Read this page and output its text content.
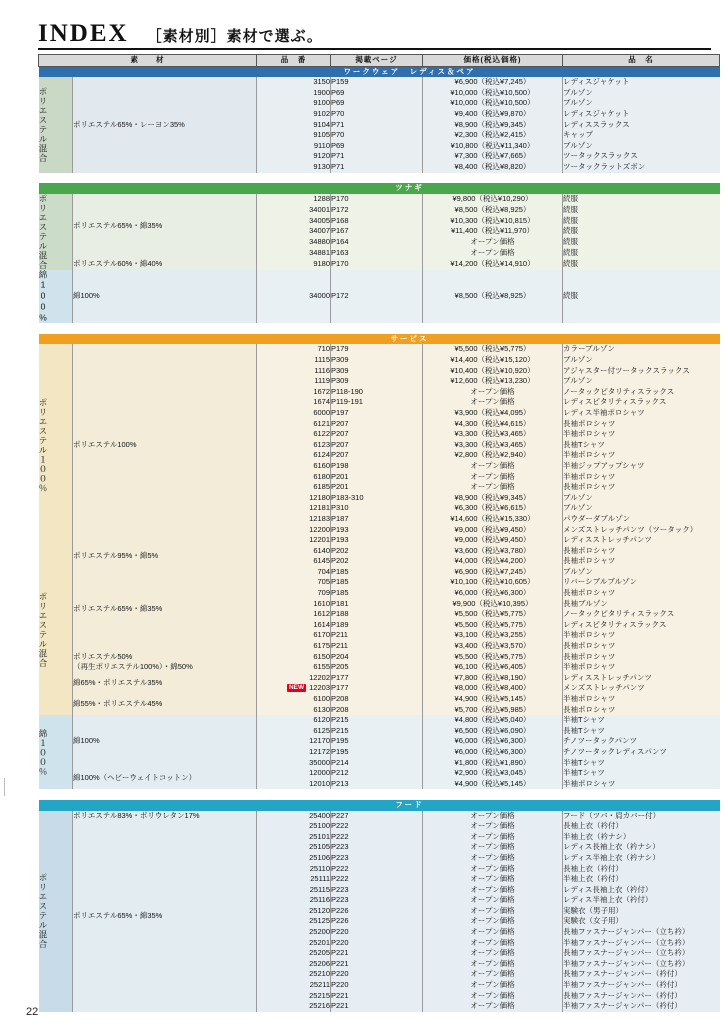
INDEX ［素材別］素材で選ぶ。
素　　材		品　番	掲載ページ	価格(税込価格)	品　名
		ワークウェア　レディス＆ペア			

ポリエステル混合	ポリエステル65%・レーヨン35%	3150	P159	¥6,900（税込¥7,245）	レディスジャケット
		1900	P69	¥10,000（税込¥10,500）	ブルゾン
		9100	P69	¥10,000（税込¥10,500）	ブルゾン
		9102	P70	¥9,400（税込¥9,870）	レディスジャケット
		9104	P71	¥8,900（税込¥9,345）	レディススラックス
		9105	P70	¥2,300（税込¥2,415）	キャップ
		9110	P69	¥10,800（税込¥11,340）	ブルゾン
		9120	P71	¥7,300（税込¥7,665）	ツータックスラックス
		9130	P71	¥8,400（税込¥8,820）	ツータックラットズボン

		ツナギ			

ポリエステル混合	ポリエステル65%・綿35%	1288	P170	¥9,800（税込¥10,290）	続服
		34001	P172	¥8,500（税込¥8,925）	続服
		34005	P168	¥10,300（税込¥10,815）	続服
		34007	P167	¥11,400（税込¥11,970）	続服
		34880	P164	オープン価格	続服
		34881	P163	オープン価格	続服
	ポリエステル60%・綿40%	9180	P170	¥14,200（税込¥14,910）	続服

綿100%	綿100%	34000	P172	¥8,500（税込¥8,925）	続服

		サービス			

ポリエステル１００％	ポリエステル100%	710	P179	¥5,500（税込¥5,775）	カラーブルゾン
		1115	P309	¥14,400（税込¥15,120）	ブルゾン
		1116	P309	¥10,400（税込¥10,920）	アジャスター付ツータックスラックス
		1119	P309	¥12,600（税込¥13,230）	ブルゾン
		1672	P118-190	オープン価格	ノータックピタリティスラックス
		1674	P119-191	オープン価格	レディスピタリティスラックス
		6000	P197	¥3,900（税込¥4,095）	レディス半袖ポロシャツ
		6121	P207	¥4,300（税込¥4,615）	長袖ポロシャツ
		6122	P207	¥3,300（税込¥3,465）	半袖ポロシャツ
		6123	P207	¥3,300（税込¥3,465）	長袖Tシャツ
		6124	P207	¥2,800（税込¥2,940）	半袖ポロシャツ
		6160	P198	オープン価格	半袖ジップアップシャツ
		6180	P201	オープン価格	半袖ポロシャツ
		6185	P201	オープン価格	長袖ポロシャツ
		12180	P183-310	¥8,900（税込¥9,345）	ブルゾン
		12181	P310	¥6,300（税込¥6,615）	ブルゾン
		12183	P187	¥14,600（税込¥15,330）	パウダーダブルゾン
		12200	P193	¥9,000（税込¥9,450）	メンズストレッチパンツ（ツータック）
		12201	P193	¥9,000（税込¥9,450）	レディスストレッチパンツ

ポリエステル混合	ポリエステル95%・綿5%	6140	P202	¥3,600（税込¥3,780）	長袖ポロシャツ
		6145	P202	¥4,000（税込¥4,200）	長袖ポロシャツ
	ポリエステル65%・綿35%	704	P185	¥6,900（税込¥7,245）	ブルゾン
		705	P185	¥10,100（税込¥10,605）	リバーシブルブルゾン
		709	P185	¥6,000（税込¥6,300）	長袖ポロシャツ
		1610	P181	¥9,900（税込¥10,395）	長袖ブルゾン
		1612	P188	¥5,500（税込¥5,775）	ノータックピタリティスラックス
		1614	P189	¥5,500（税込¥5,775）	レディスピタリティスラックス
		6170	P211	¥3,100（税込¥3,255）	半袖ポロシャツ
		6175	P211	¥3,400（税込¥3,570）	長袖ポロシャツ
	ポリエステル50%
（再生ポリエステル100%）・綿50%	6150	P204	¥5,500（税込¥5,775）	長袖ポロシャツ
		6155	P205	¥6,100（税込¥6,405）	半袖ポロシャツ
	綿65%・ポリエステル35%	12202	P177	¥7,800（税込¥8,190）	レディスストレッチパンツ
		NEW 12203	P177	¥8,000（税込¥8,400）	メンズストレッチパンツ
	綿55%・ポリエステル45%	6100	P208	¥4,900（税込¥5,145）	半袖ポロシャツ
		6130	P208	¥5,700（税込¥5,985）	長袖ポロシャツ

綿１００％	綿100%	6120	P215	¥4,800（税込¥5,040）	半袖Tシャツ
		6125	P215	¥6,500（税込¥6,090）	長袖Tシャツ
		12170	P195	¥6,000（税込¥6,300）	チノツータックパンツ
		12172	P195	¥6,000（税込¥6,300）	チノツータックレディスパンツ
		35000	P214	¥1,800（税込¥1,890）	半袖Tシャツ
	綿100%（ヘビーウェイトコットン）	12000	P212	¥2,900（税込¥3,045）	半袖Tシャツ
		12010	P213	¥4,900（税込¥5,145）	半袖ポロシャツ

		フード			

ポリエステル混合	ポリエステル83%・ポリウレタン17%	25400	P227	オープン価格	フード（ツバ・肩カバー付）
	ポリエステル65%・綿35%	25100	P222	オープン価格	長袖上衣（衿付）
		25101	P222	オープン価格	半袖上衣（衿ナシ）
		25105	P223	オープン価格	レディス長袖上衣（衿ナシ）
		25106	P223	オープン価格	レディス半袖上衣（衿ナシ）
		25110	P222	オープン価格	長袖上衣（衿付）
		25111	P222	オープン価格	半袖上衣（衿付）
		25115	P223	オープン価格	レディス長袖上衣（衿付）
		25116	P223	オープン価格	レディス半袖上衣（衿付）
		25120	P226	オープン価格	実験衣（男子用）
		25125	P226	オープン価格	実験衣（女子用）
		25200	P220	オープン価格	長袖ファスナージャンパー（立ち衿）
		25201	P220	オープン価格	半袖ファスナージャンパー（立ち衿）
		25205	P221	オープン価格	長袖ファスナージャンパー（立ち衿）
		25206	P221	オープン価格	半袖ファスナージャンパー（立ち衿）
		25210	P220	オープン価格	長袖ファスナージャンパー（衿付）
		25211	P220	オープン価格	半袖ファスナージャンパー（衿付）
		25215	P221	オープン価格	長袖ファスナージャンパー（衿付）
		25216	P221	オープン価格	半袖ファスナージャンパー（衿付）
22
